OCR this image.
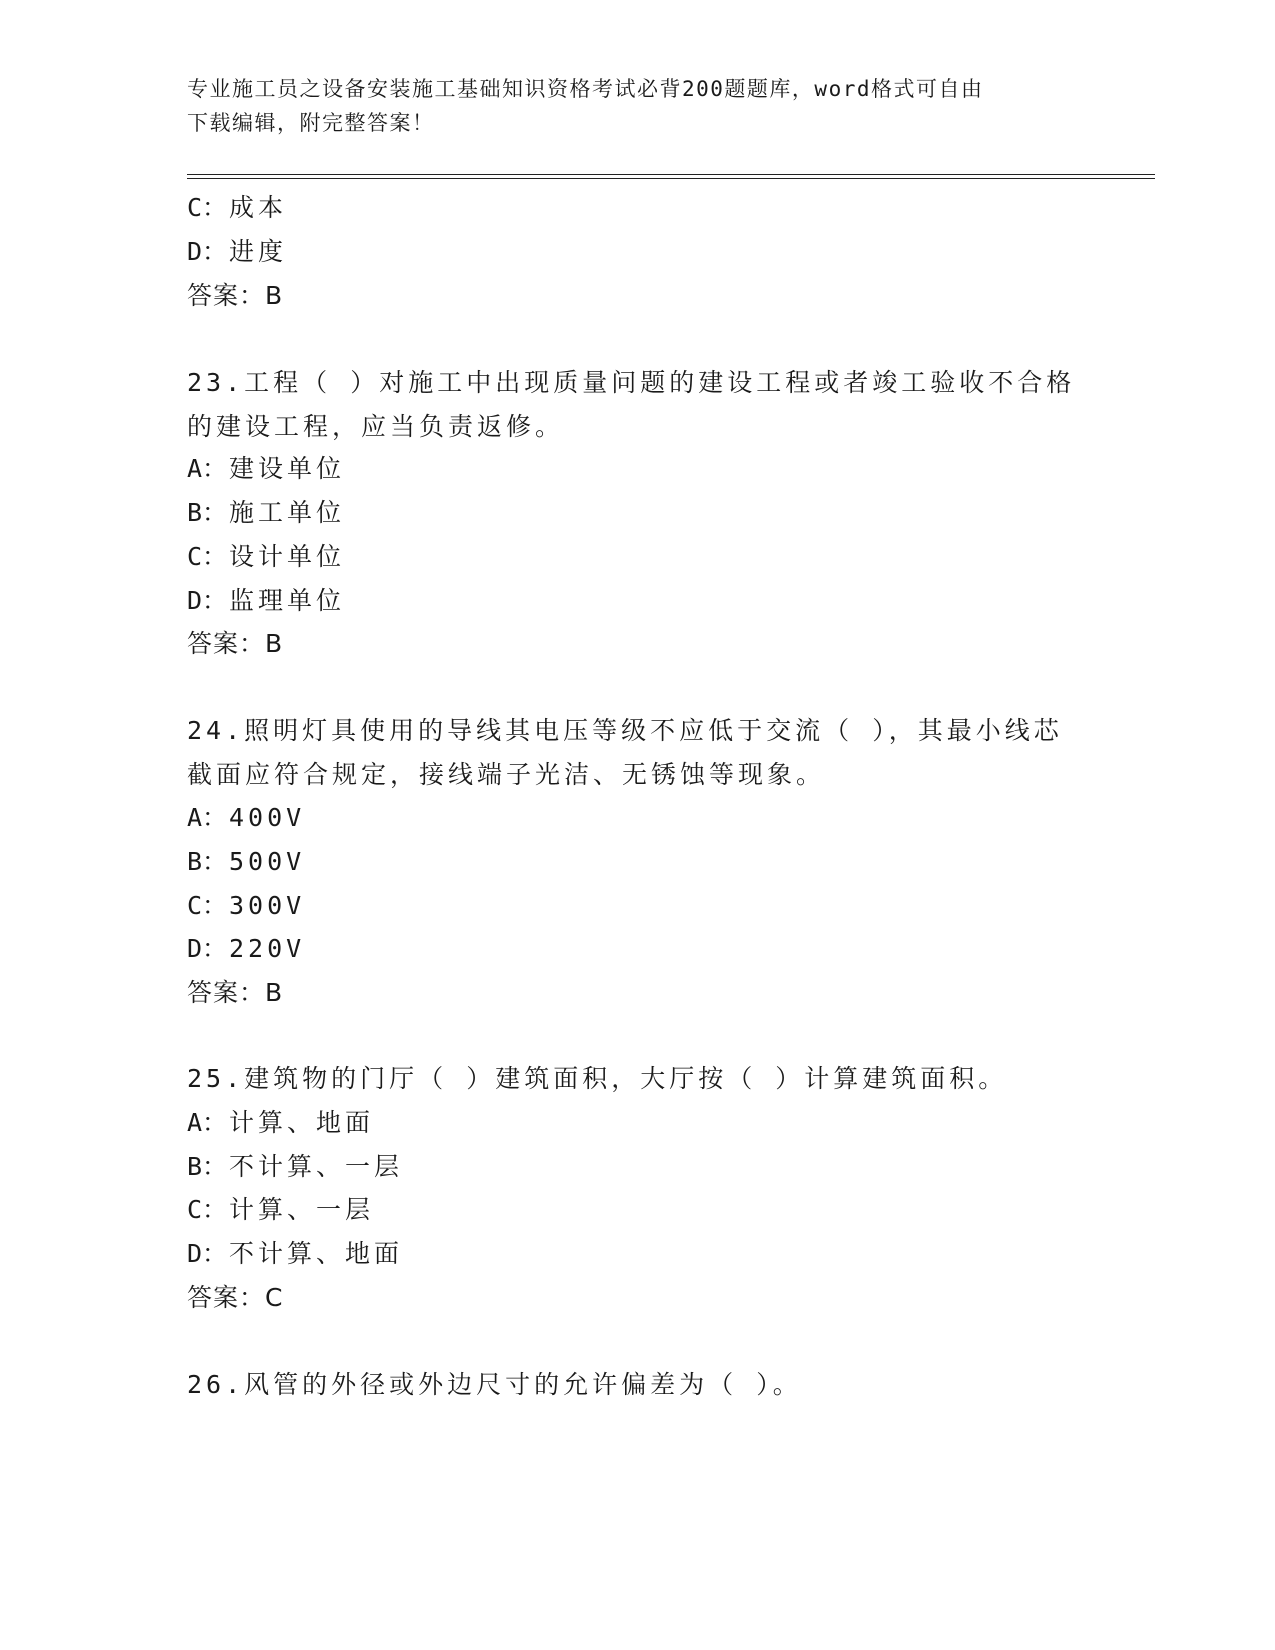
专业施工员之设备安装施工基础知识资格考试必背200题题库，word格式可自由
下载编辑，附完整答案！
C：成本
D：进度
答案：B
23.工程（ ）对施工中出现质量问题的建设工程或者竣工验收不合格
的建设工程，应当负责返修。
A：建设单位
B：施工单位
C：设计单位
D：监理单位
答案：B
24.照明灯具使用的导线其电压等级不应低于交流（ ），其最小线芯
截面应符合规定，接线端子光洁、无锈蚀等现象。
A：400V
B：500V
C：300V
D：220V
答案：B
25.建筑物的门厅（ ）建筑面积，大厅按（ ）计算建筑面积。
A：计算、地面
B：不计算、一层
C：计算、一层
D：不计算、地面
答案：C
26.风管的外径或外边尺寸的允许偏差为（ ）。
